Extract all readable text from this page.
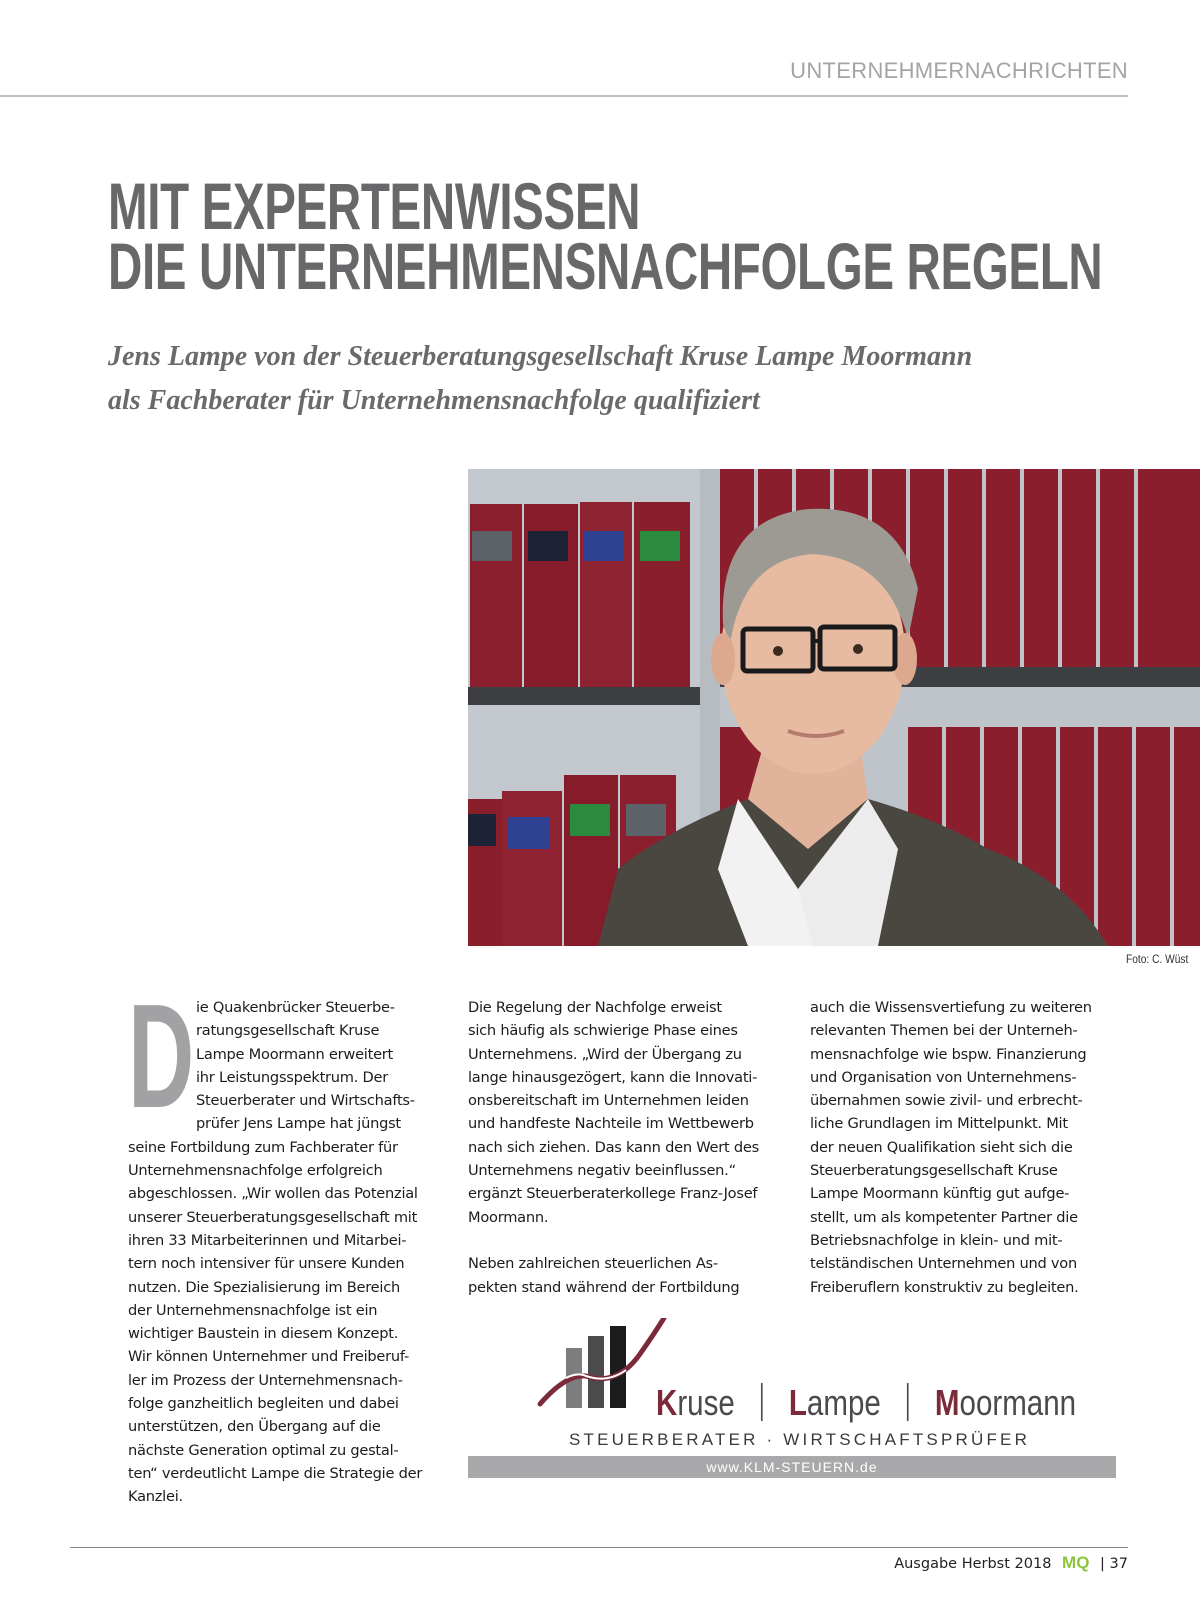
UNTERNEHMERNACHRICHTEN
MIT EXPERTENWISSEN
DIE UNTERNEHMENSNACHFOLGE REGELN
Jens Lampe von der Steuerberatungsgesellschaft Kruse Lampe Moormann
als Fachberater für Unternehmensnachfolge qualifiziert
Foto: C. Wüst
D ie Quakenbrücker Steuerbe-

ratungsgesellschaft Kruse

Lampe Moormann erweitert

ihr Leistungsspektrum. Der

Steuerberater und Wirtschafts-

prüfer Jens Lampe hat jüngst

seine Fortbildung zum Fachberater für

Unternehmensnachfolge erfolgreich

abgeschlossen. „Wir wollen das Potenzial

unserer Steuerberatungsgesellschaft mit

ihren 33 Mitarbeiterinnen und Mitarbei-

tern noch intensiver für unsere Kunden

nutzen. Die Spezialisierung im Bereich

der Unternehmensnachfolge ist ein

wichtiger Baustein in diesem Konzept.

Wir können Unternehmer und Freiberuf-

ler im Prozess der Unternehmensnach-

folge ganzheitlich begleiten und dabei

unterstützen, den Übergang auf die

nächste Generation optimal zu gestal-

ten“ verdeutlicht Lampe die Strategie der

Kanzlei.

Die Regelung der Nachfolge erweist

sich häufig als schwierige Phase eines

Unternehmens. „Wird der Übergang zu

lange hinausgezögert, kann die Innovati-

onsbereitschaft im Unternehmen leiden

und handfeste Nachteile im Wettbewerb

nach sich ziehen. Das kann den Wert des

Unternehmens negativ beeinflussen.“

ergänzt Steuerberaterkollege Franz-Josef

Moormann.

Neben zahlreichen steuerlichen As-

pekten stand während der Fortbildung

auch die Wissensvertiefung zu weiteren

relevanten Themen bei der Unterneh-

mensnachfolge wie bspw. Finanzierung

und Organisation von Unternehmens-

übernahmen sowie zivil- und erbrecht-

liche Grundlagen im Mittelpunkt. Mit

der neuen Qualifikation sieht sich die

Steuerberatungsgesellschaft Kruse

Lampe Moormann künftig gut aufge-

stellt, um als kompetenter Partner die

Betriebsnachfolge in klein- und mit-

telständischen Unternehmen und von

Freiberuflern konstruktiv zu begleiten.

Kruse Lampe Moormann
STEUERBERATER · WIRTSCHAFTSPRÜFER
www.KLM-STEUERN.de
Ausgabe Herbst 2018 MQ | 37
